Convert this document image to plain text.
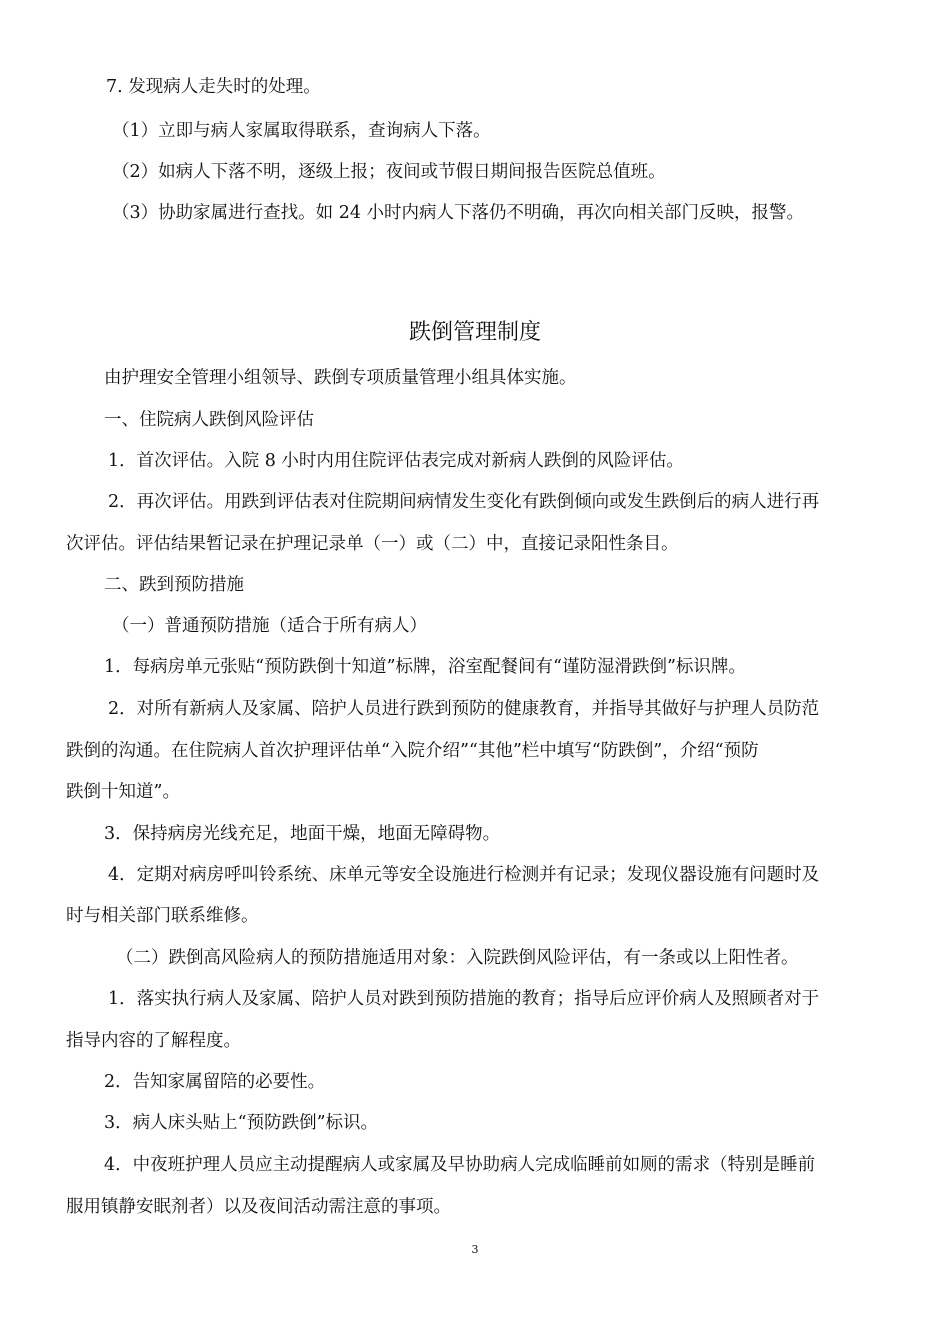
7. 发现病人走失时的处理。
（1）立即与病人家属取得联系，查询病人下落。
（2）如病人下落不明，逐级上报；夜间或节假日期间报告医院总值班。
（3）协助家属进行查找。如 24 小时内病人下落仍不明确，再次向相关部门反映，报警。
跌倒管理制度
由护理安全管理小组领导、跌倒专项质量管理小组具体实施。
一、住院病人跌倒风险评估
1．首次评估。入院 8 小时内用住院评估表完成对新病人跌倒的风险评估。
2．再次评估。用跌到评估表对住院期间病情发生变化有跌倒倾向或发生跌倒后的病人进行再
次评估。评估结果暂记录在护理记录单（一）或（二）中，直接记录阳性条目。
二、跌到预防措施
（一）普通预防措施（适合于所有病人）
1．每病房单元张贴“预防跌倒十知道”标牌，浴室配餐间有“谨防湿滑跌倒”标识牌。
2．对所有新病人及家属、陪护人员进行跌到预防的健康教育，并指导其做好与护理人员防范
跌倒的沟通。在住院病人首次护理评估单“入院介绍”“其他”栏中填写“防跌倒”，介绍“预防
跌倒十知道”。
3．保持病房光线充足，地面干燥，地面无障碍物。
4．定期对病房呼叫铃系统、床单元等安全设施进行检测并有记录；发现仪器设施有问题时及
时与相关部门联系维修。
（二）跌倒高风险病人的预防措施适用对象：入院跌倒风险评估，有一条或以上阳性者。
1．落实执行病人及家属、陪护人员对跌到预防措施的教育；指导后应评价病人及照顾者对于
指导内容的了解程度。
2．告知家属留陪的必要性。
3．病人床头贴上“预防跌倒”标识。
4．中夜班护理人员应主动提醒病人或家属及早协助病人完成临睡前如厕的需求（特别是睡前
服用镇静安眠剂者）以及夜间活动需注意的事项。
3
